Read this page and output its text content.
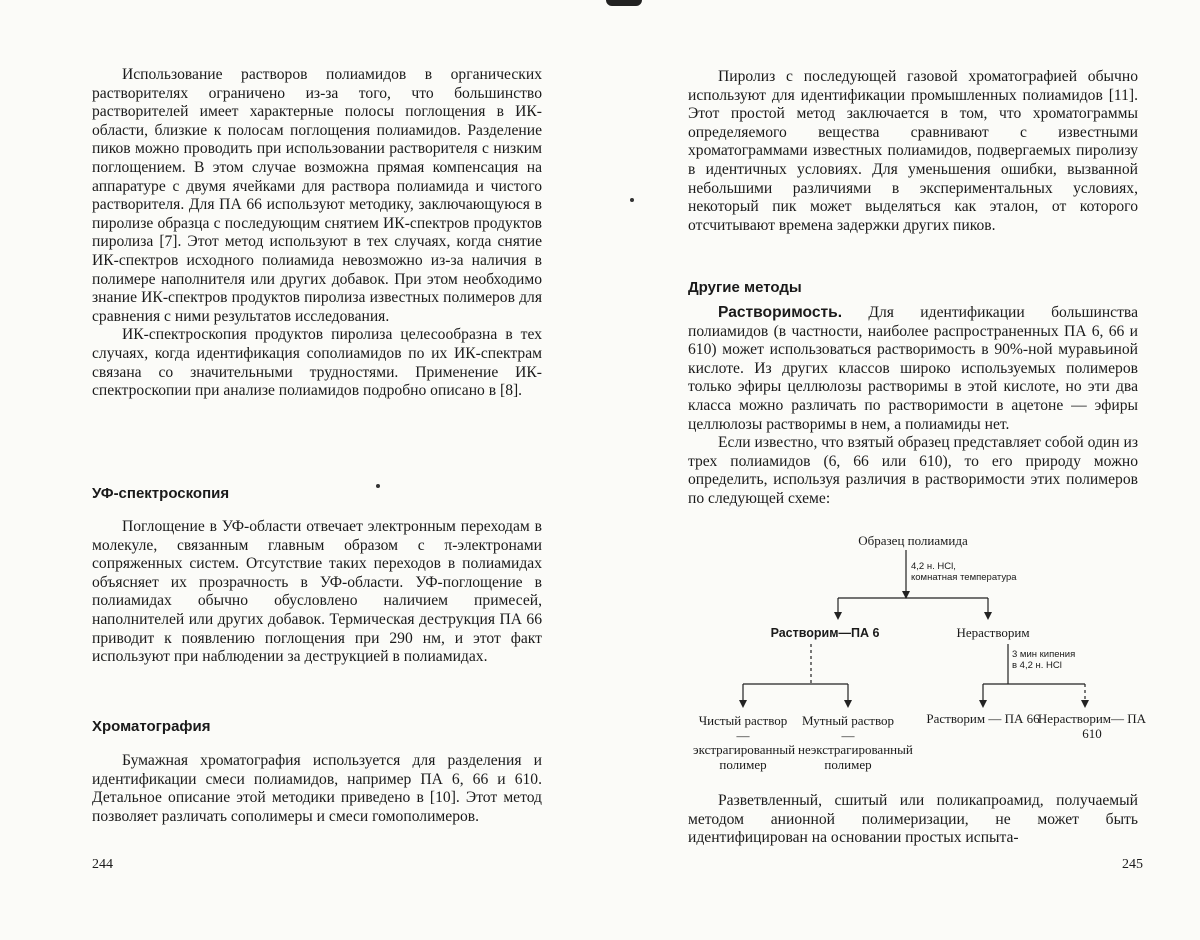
Использование растворов полиамидов в органических растворителях ограничено из-за того, что большинство растворителей имеет характерные полосы поглощения в ИК-области, близкие к полосам поглощения полиамидов. Разделение пиков можно проводить при использовании растворителя с низким поглощением. В этом случае возможна прямая компенсация на аппаратуре с двумя ячейками для раствора полиамида и чистого растворителя. Для ПА 66 используют методику, заключающуюся в пиролизе образца с последующим снятием ИК-спектров продуктов пиролиза [7]. Этот метод используют в тех случаях, когда снятие ИК-спектров исходного полиамида невозможно из-за наличия в полимере наполнителя или других добавок. При этом необходимо знание ИК-спектров продуктов пиролиза известных полимеров для сравнения с ними результатов исследования.

ИК-спектроскопия продуктов пиролиза целесообразна в тех случаях, когда идентификация сополиамидов по их ИК-спектрам связана со значительными трудностями. Применение ИК-спектроскопии при анализе полиамидов подробно описано в [8].

УФ-спектроскопия

Поглощение в УФ-области отвечает электронным переходам в молекуле, связанным главным образом с π-электронами сопряженных систем. Отсутствие таких переходов в полиамидах объясняет их прозрачность в УФ-области. УФ-поглощение в полиамидах обычно обусловлено наличием примесей, наполнителей или других добавок. Термическая деструкция ПА 66 приводит к появлению поглощения при 290 нм, и этот факт используют при наблюдении за деструкцией в полиамидах.

Хроматография

Бумажная хроматография используется для разделения и идентификации смеси полиамидов, например ПА 6, 66 и 610. Детальное описание этой методики приведено в [10]. Этот метод позволяет различать сополимеры и смеси гомополимеров.

244

Пиролиз с последующей газовой хроматографией обычно используют для идентификации промышленных полиамидов [11]. Этот простой метод заключается в том, что хроматограммы определяемого вещества сравнивают с известными хроматограммами известных полиамидов, подвергаемых пиролизу в идентичных условиях. Для уменьшения ошибки, вызванной небольшими различиями в экспериментальных условиях, некоторый пик может выделяться как эталон, от которого отсчитывают времена задержки других пиков.

Другие методы

Растворимость. Для идентификации большинства полиамидов (в частности, наиболее распространенных ПА 6, 66 и 610) может использоваться растворимость в 90%-ной муравьиной кислоте. Из других классов широко используемых полимеров только эфиры целлюлозы растворимы в этой кислоте, но эти два класса можно различать по растворимости в ацетоне — эфиры целлюлозы растворимы в нем, а полиамиды нет.

Если известно, что взятый образец представляет собой один из трех полиамидов (6, 66 или 610), то его природу можно определить, используя различия в растворимости этих полимеров по следующей схеме:

Разветвленный, сшитый или поликапроамид, получаемый методом анионной полимеризации, не может быть идентифицирован на основании простых испыта-

245
Образец полиамида
4,2 н. HCl,
комнатная температура
Растворим—ПА 6	Нерастворим
3 мин кипения
в 4,2 н. HCl
Чистый раствор — экстрагированный полимер
Мутный раствор — неэкстрагированный полимер
Растворим — ПА 66
Нерастворим— ПА 610
